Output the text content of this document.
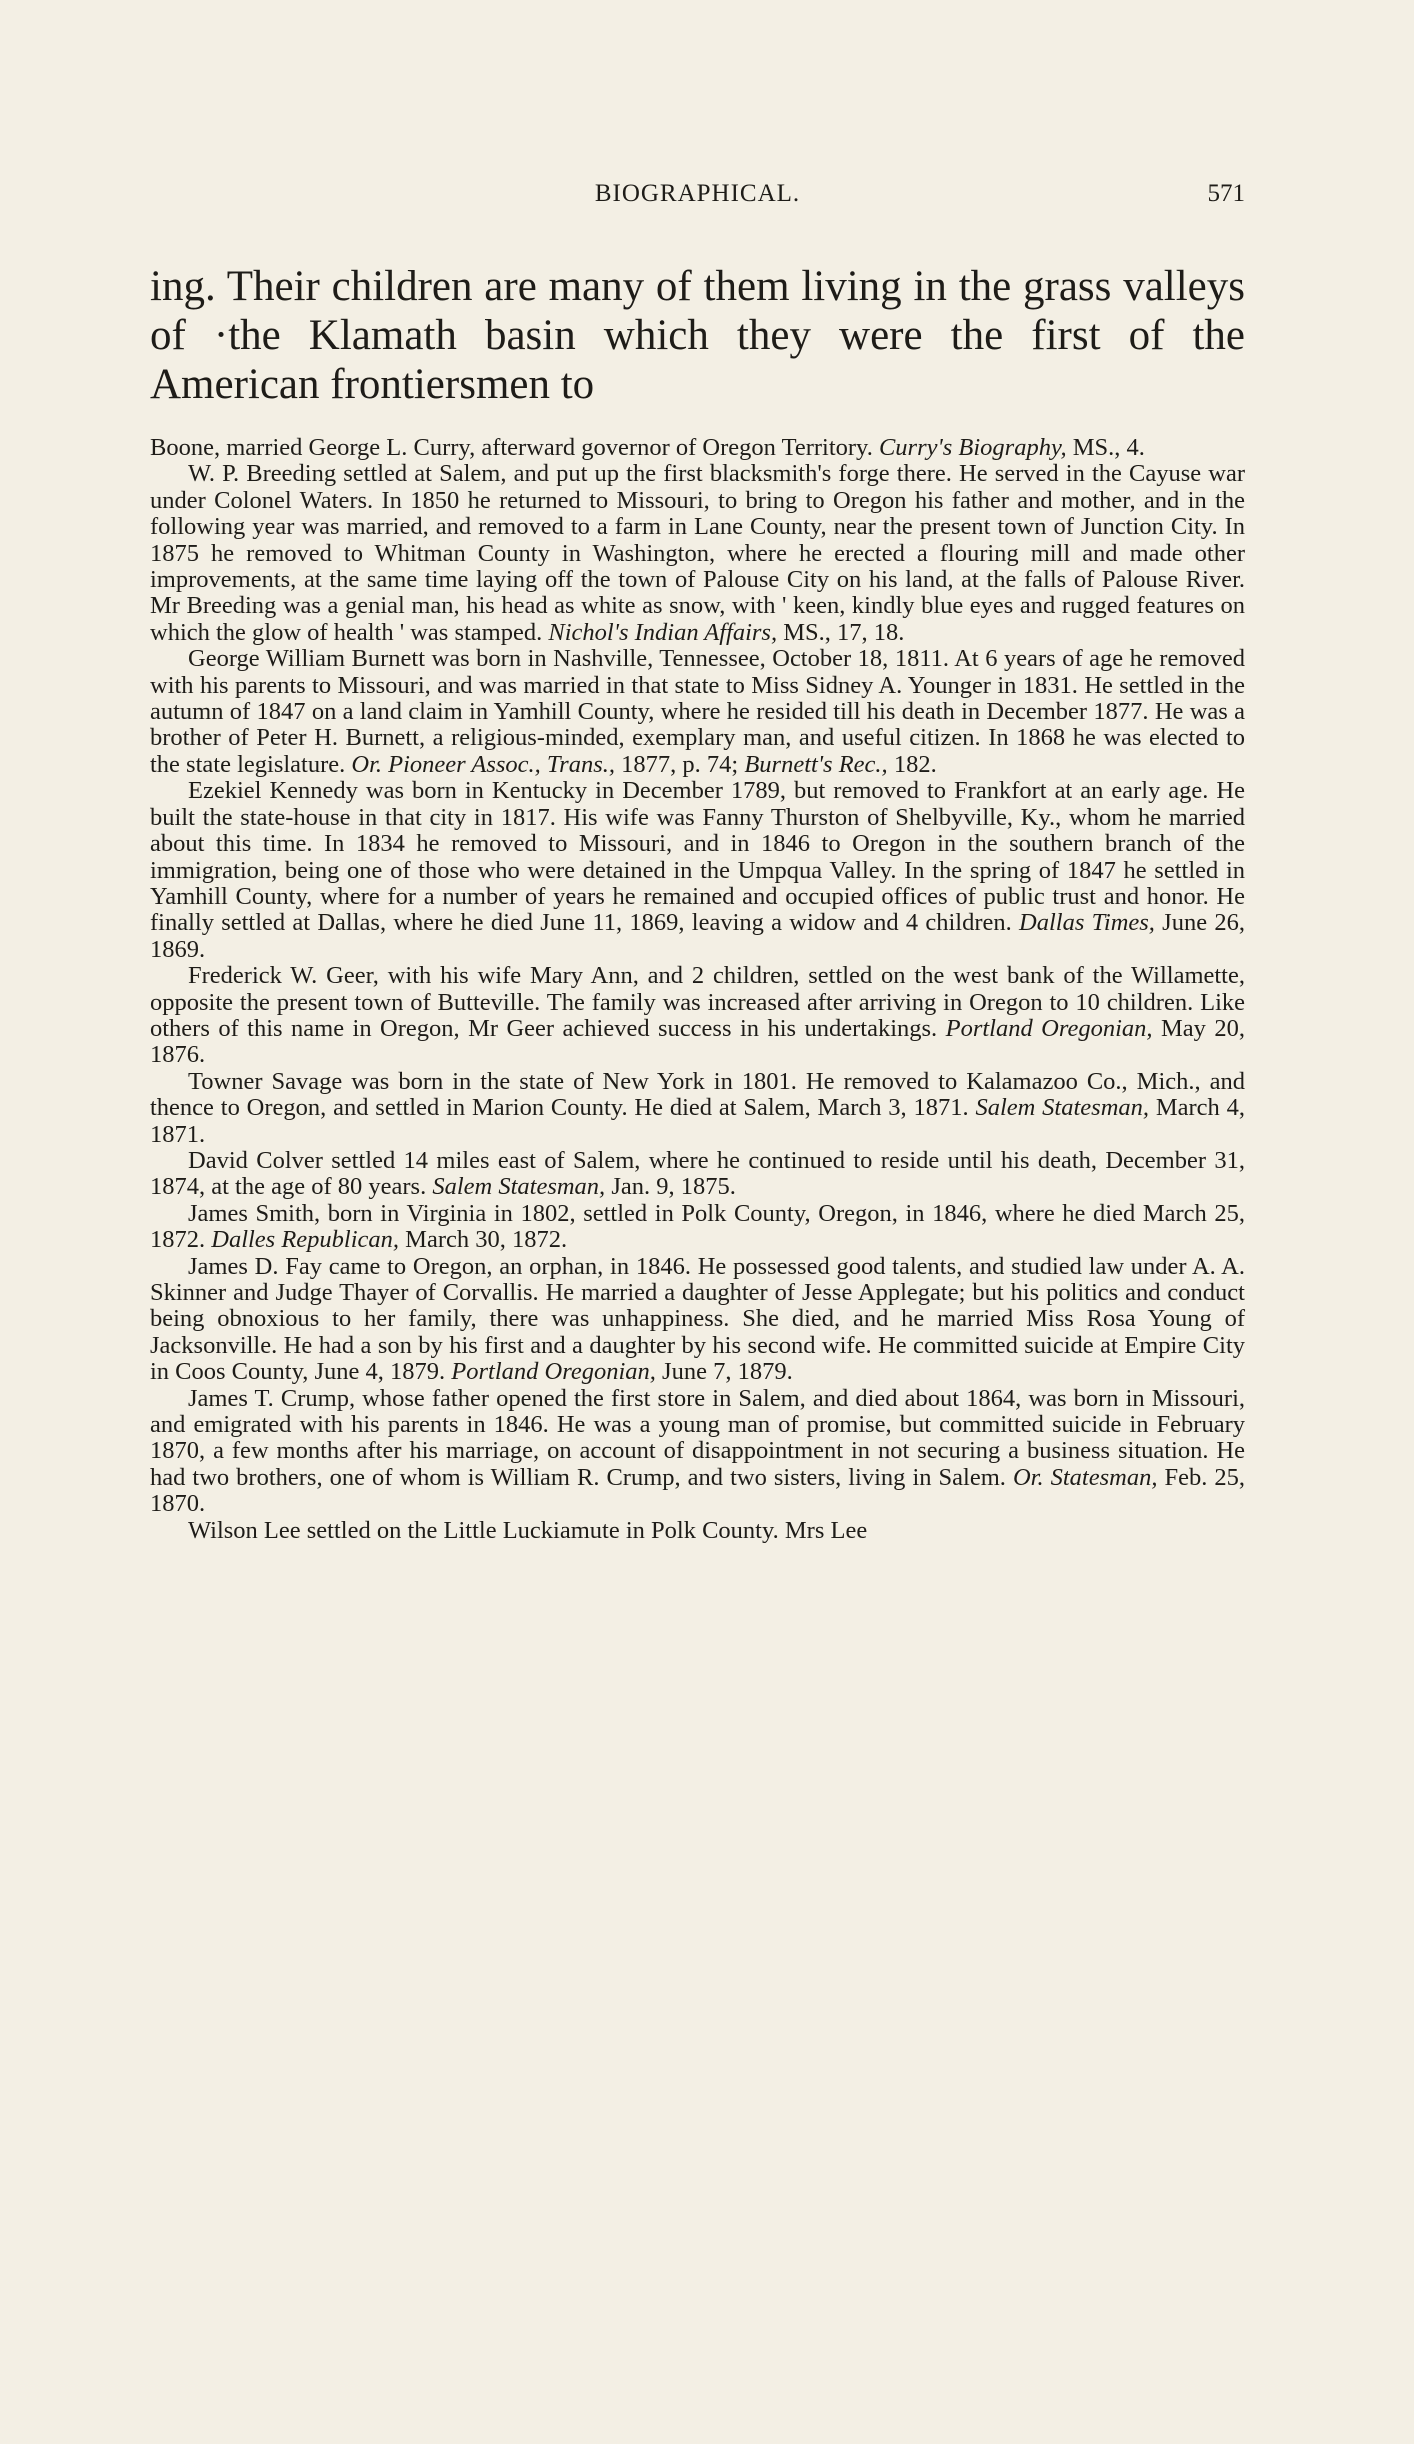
BIOGRAPHICAL.	571

ing. Their children are many of them living in the grass valleys of ·the Klamath basin which they were the first of the American frontiersmen to

Boone, married George L. Curry, afterward governor of Oregon Territory. Curry's Biography, MS., 4.

W. P. Breeding settled at Salem, and put up the first blacksmith's forge there. He served in the Cayuse war under Colonel Waters. In 1850 he returned to Missouri, to bring to Oregon his father and mother, and in the following year was married, and removed to a farm in Lane County, near the present town of Junction City. In 1875 he removed to Whitman County in Washington, where he erected a flouring mill and made other improvements, at the same time laying off the town of Palouse City on his land, at the falls of Palouse River. Mr Breeding was a genial man, his head as white as snow, with ' keen, kindly blue eyes and rugged features on which the glow of health ' was stamped. Nichol's Indian Affairs, MS., 17, 18.

George William Burnett was born in Nashville, Tennessee, October 18, 1811. At 6 years of age he removed with his parents to Missouri, and was married in that state to Miss Sidney A. Younger in 1831. He settled in the autumn of 1847 on a land claim in Yamhill County, where he resided till his death in December 1877. He was a brother of Peter H. Burnett, a religious-minded, exemplary man, and useful citizen. In 1868 he was elected to the state legislature. Or. Pioneer Assoc., Trans., 1877, p. 74; Burnett's Rec., 182.

Ezekiel Kennedy was born in Kentucky in December 1789, but removed to Frankfort at an early age. He built the state-house in that city in 1817. His wife was Fanny Thurston of Shelbyville, Ky., whom he married about this time. In 1834 he removed to Missouri, and in 1846 to Oregon in the southern branch of the immigration, being one of those who were detained in the Umpqua Valley. In the spring of 1847 he settled in Yamhill County, where for a number of years he remained and occupied offices of public trust and honor. He finally settled at Dallas, where he died June 11, 1869, leaving a widow and 4 children. Dallas Times, June 26, 1869.

Frederick W. Geer, with his wife Mary Ann, and 2 children, settled on the west bank of the Willamette, opposite the present town of Butteville. The family was increased after arriving in Oregon to 10 children. Like others of this name in Oregon, Mr Geer achieved success in his undertakings. Portland Oregonian, May 20, 1876.

Towner Savage was born in the state of New York in 1801. He removed to Kalamazoo Co., Mich., and thence to Oregon, and settled in Marion County. He died at Salem, March 3, 1871. Salem Statesman, March 4, 1871.

David Colver settled 14 miles east of Salem, where he continued to reside until his death, December 31, 1874, at the age of 80 years. Salem Statesman, Jan. 9, 1875.

James Smith, born in Virginia in 1802, settled in Polk County, Oregon, in 1846, where he died March 25, 1872. Dalles Republican, March 30, 1872.

James D. Fay came to Oregon, an orphan, in 1846. He possessed good talents, and studied law under A. A. Skinner and Judge Thayer of Corvallis. He married a daughter of Jesse Applegate; but his politics and conduct being obnoxious to her family, there was unhappiness. She died, and he married Miss Rosa Young of Jacksonville. He had a son by his first and a daughter by his second wife. He committed suicide at Empire City in Coos County, June 4, 1879. Portland Oregonian, June 7, 1879.

James T. Crump, whose father opened the first store in Salem, and died about 1864, was born in Missouri, and emigrated with his parents in 1846. He was a young man of promise, but committed suicide in February 1870, a few months after his marriage, on account of disappointment in not securing a business situation. He had two brothers, one of whom is William R. Crump, and two sisters, living in Salem. Or. Statesman, Feb. 25, 1870.

Wilson Lee settled on the Little Luckiamute in Polk County. Mrs Lee
